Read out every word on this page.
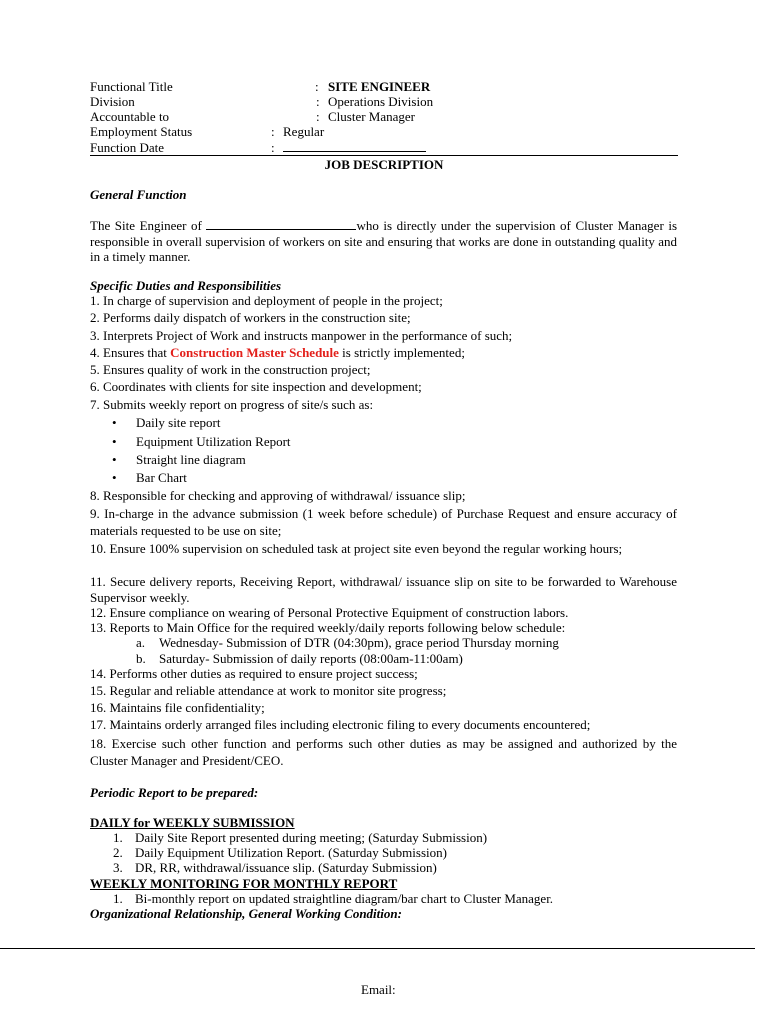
Functional Title	: SITE ENGINEER
Division	: Operations Division
Accountable to	: Cluster Manager
Employment Status	: Regular
Function Date	:
JOB DESCRIPTION
General Function
The Site Engineer of	who is directly under the supervision of Cluster Manager is responsible in overall supervision of workers on site and ensuring that works are done in outstanding quality and in a timely manner.
Specific Duties and Responsibilities
1. In charge of supervision and deployment of people in the project;
2. Performs daily dispatch of workers in the construction site;
3. Interprets Project of Work and instructs manpower in the performance of such;
4. Ensures that Construction Master Schedule is strictly implemented;
5. Ensures quality of work in the construction project;
6. Coordinates with clients for site inspection and development;
7. Submits weekly report on progress of site/s such as:
• Daily site report
• Equipment Utilization Report
• Straight line diagram
• Bar Chart
8. Responsible for checking and approving of withdrawal/ issuance slip;
9. In-charge in the advance submission (1 week before schedule) of Purchase Request and ensure accuracy of materials requested to be use on site;
10. Ensure 100% supervision on scheduled task at project site even beyond the regular working hours;
11. Secure delivery reports, Receiving Report, withdrawal/ issuance slip on site to be forwarded to Warehouse Supervisor weekly.
12. Ensure compliance on wearing of Personal Protective Equipment of construction labors.
13. Reports to Main Office for the required weekly/daily reports following below schedule:
a. Wednesday- Submission of DTR (04:30pm), grace period Thursday morning
b. Saturday- Submission of daily reports (08:00am-11:00am)
14. Performs other duties as required to ensure project success;
15. Regular and reliable attendance at work to monitor site progress;
16. Maintains file confidentiality;
17. Maintains orderly arranged files including electronic filing to every documents encountered;
18. Exercise such other function and performs such other duties as may be assigned and authorized by the Cluster Manager and President/CEO.
Periodic Report to be prepared:
DAILY for WEEKLY SUBMISSION
1. Daily Site Report presented during meeting; (Saturday Submission)
2. Daily Equipment Utilization Report. (Saturday Submission)
3. DR, RR, withdrawal/issuance slip. (Saturday Submission)
WEEKLY MONITORING FOR MONTHLY REPORT
1. Bi-monthly report on updated straightline diagram/bar chart to Cluster Manager.
Organizational Relationship, General Working Condition:
Email:
